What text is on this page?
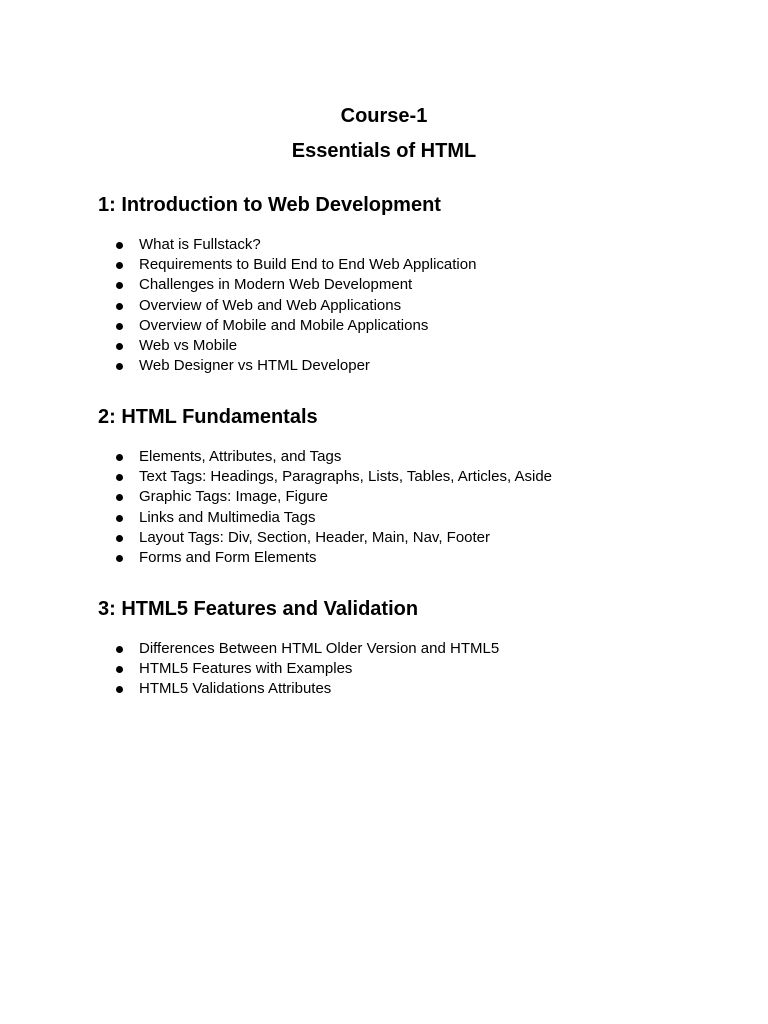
Course-1
Essentials of HTML
1: Introduction to Web Development
What is Fullstack?
Requirements to Build End to End Web Application
Challenges in Modern Web Development
Overview of Web and Web Applications
Overview of Mobile and Mobile Applications
Web vs Mobile
Web Designer vs HTML Developer
2: HTML Fundamentals
Elements, Attributes, and Tags
Text Tags: Headings, Paragraphs, Lists, Tables, Articles, Aside
Graphic Tags: Image, Figure
Links and Multimedia Tags
Layout Tags: Div, Section, Header, Main, Nav, Footer
Forms and Form Elements
3: HTML5 Features and Validation
Differences Between HTML Older Version and HTML5
HTML5 Features with Examples
HTML5 Validations Attributes
